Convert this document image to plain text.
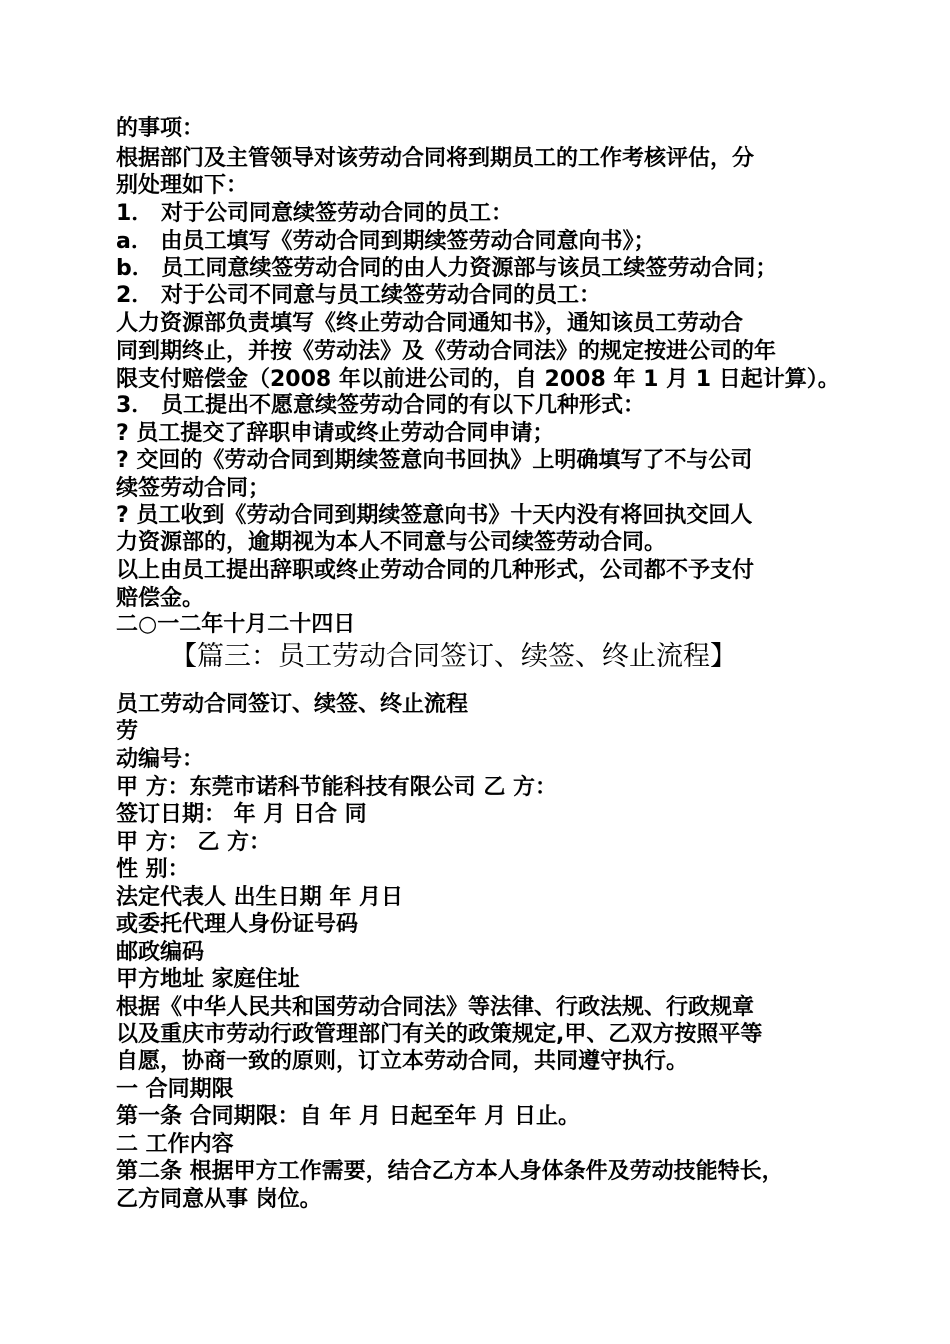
的事项：
根据部门及主管领导对该劳动合同将到期员工的工作考核评估，分
别处理如下：
1． 对于公司同意续签劳动合同的员工：
a． 由员工填写《劳动合同到期续签劳动合同意向书》；
b． 员工同意续签劳动合同的由人力资源部与该员工续签劳动合同；
2． 对于公司不同意与员工续签劳动合同的员工：
人力资源部负责填写《终止劳动合同通知书》，通知该员工劳动合
同到期终止，并按《劳动法》及《劳动合同法》的规定按进公司的年
限支付赔偿金（2008 年以前进公司的，自 2008 年 1 月 1 日起计算）。
3． 员工提出不愿意续签劳动合同的有以下几种形式：
? 员工提交了辞职申请或终止劳动合同申请；
? 交回的《劳动合同到期续签意向书回执》上明确填写了不与公司
续签劳动合同；
? 员工收到《劳动合同到期续签意向书》十天内没有将回执交回人
力资源部的，逾期视为本人不同意与公司续签劳动合同。
以上由员工提出辞职或终止劳动合同的几种形式，公司都不予支付
赔偿金。
二○一二年十月二十四日
【篇三：员工劳动合同签订、续签、终止流程】
员工劳动合同签订、续签、终止流程
劳
动编号：
甲 方：东莞市诺科节能科技有限公司 乙 方：
签订日期： 年 月 日合 同
甲 方： 乙 方：
性 别：
法定代表人 出生日期 年 月日
或委托代理人身份证号码
邮政编码
甲方地址 家庭住址
根据《中华人民共和国劳动合同法》等法律、行政法规、行政规章
以及重庆市劳动行政管理部门有关的政策规定,甲、乙双方按照平等
自愿，协商一致的原则，订立本劳动合同，共同遵守执行。
一 合同期限
第一条 合同期限：自 年 月 日起至年 月 日止。
二 工作内容
第二条 根据甲方工作需要，结合乙方本人身体条件及劳动技能特长，
乙方同意从事 岗位。
